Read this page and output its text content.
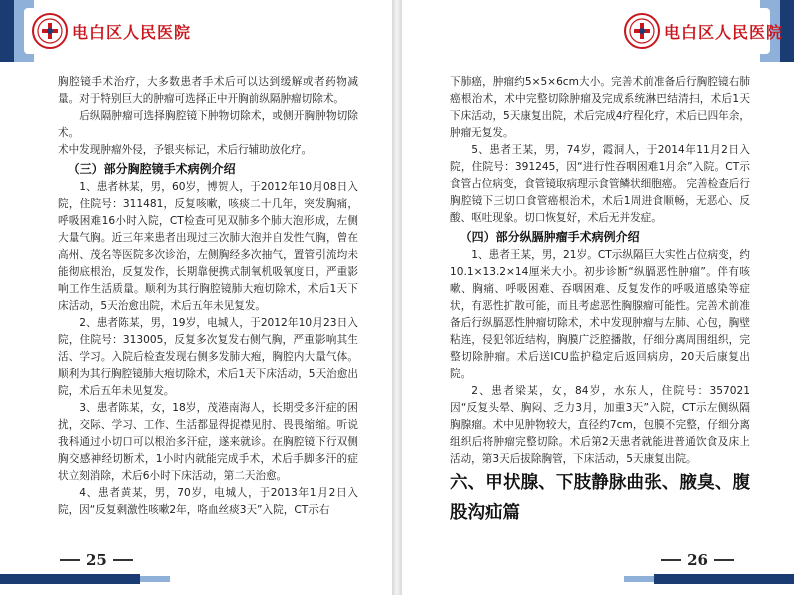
电白区人民医院

胸腔镜手术治疗，大多数患者手术后可以达到缓解或者药物减量。对于特别巨大的肿瘤可选择正中开胸前纵隔肿瘤切除术。

后纵隔肿瘤可选择胸腔镜下肿物切除术，或侧开胸肿物切除术。

术中发现肿瘤外侵，予银夹标记，术后行辅助放化疗。

（三）部分胸腔镜手术病例介绍

1、患者林某，男，60岁，博贺人，于2012年10月08日入院，住院号：311481，反复咳嗽，咳痰二十几年，突发胸痛，呼吸困难16小时入院，CT检查可见双肺多个肺大泡形成，左侧大量气胸。近三年来患者出现过三次肺大泡并自发性气胸，曾在高州、茂名等医院多次诊治，左侧胸经多次抽气，置管引流均未能彻底根治，反复发作，长期靠便携式制氧机吸氧度日，严重影响工作生活质量。顺利为其行胸腔镜肺大疱切除术，术后1天下床活动，5天治愈出院，术后五年未见复发。

2、患者陈某，男，19岁，电城人，于2012年10月23日入院，住院号：313005，反复多次复发右侧气胸，严重影响其生活、学习。入院后检查发现右侧多发肺大疱，胸腔内大量气体。顺利为其行胸腔镜肺大疱切除术，术后1天下床活动，5天治愈出院，术后五年未见复发。

3、患者陈某，女，18岁，茂港南海人，长期受多汗症的困扰，交际、学习、工作、生活都显得捉襟见肘、畏畏缩缩。听说我科通过小切口可以根治多汗症，遂来就诊。在胸腔镜下行双侧胸交感神经切断术，1小时内就能完成手术，术后手脚多汗的症状立刻消除，术后6小时下床活动，第二天治愈。

4、患者黄某，男，70岁，电城人，于2013年1月2日入院，因“反复剩激性咳嗽2年，咯血丝痰3天”入院，CT示右

25
电白区人民医院

下肺癌，肿瘤约5×5×6cm大小。完善术前准备后行胸腔镜右肺癌根治术，术中完整切除肿瘤及完成系统淋巴结清扫，术后1天下床活动，5天康复出院，术后完成4疗程化疗，术后已四年余，肿瘤无复发。

5、患者王某，男，74岁，霞洞人，于2014年11月2日入院，住院号：391245，因“进行性吞咽困难1月余”入院。CT示食管占位病变，食管镜取病理示食管鳞状细胞癌。 完善检查后行胸腔镜下三切口食管癌根治术，术后1周进食顺畅，无恶心、反酸、呕吐现象。切口恢复好，术后无并发症。

（四）部分纵膈肿瘤手术病例介绍

1、患者王某，男，21岁。CT示纵隔巨大实性占位病变，约10.1×13.2×14厘米大小。初步诊断“纵膈恶性肿瘤”。伴有咳嗽、胸痛、呼吸困难、吞咽困难、反复发作的呼吸道感染等症状，有恶性扩散可能，而且考虑恶性胸腺瘤可能性。完善术前准备后行纵膈恶性肿瘤切除术，术中发现肿瘤与左肺、心包，胸壁粘连，侵犯邻近结构，胸膜广泛腔播散，仔细分离周围组织，完整切除肿瘤。术后送ICU监护稳定后返回病房，20天后康复出院。

2、患者梁某，女，84岁，水东人，住院号：357021 因“反复头晕、胸闷、乏力3月，加重3天”入院，CT示左侧纵隔胸腺瘤。术中见肿物较大，直径约7cm，包膜不完整，仔细分离组织后将肿瘤完整切除。术后第2天患者就能进普通饮食及床上活动，第3天后拔除胸管，下床活动，5天康复出院。

六、甲状腺、下肢静脉曲张、腋臭、腹股沟疝篇

26
